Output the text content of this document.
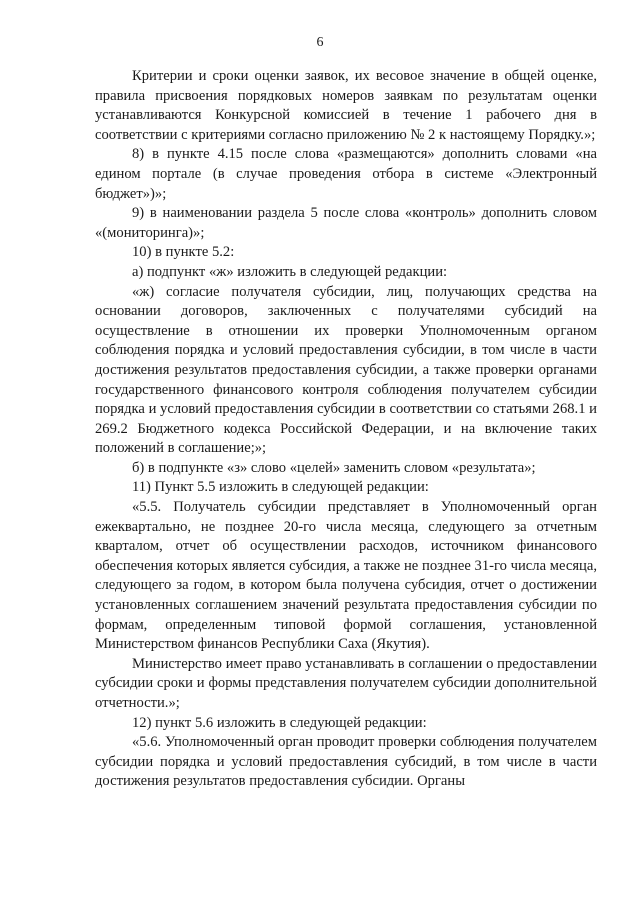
6

Критерии и сроки оценки заявок, их весовое значение в общей оценке, правила присвоения порядковых номеров заявкам по результатам оценки устанавливаются Конкурсной комиссией в течение 1 рабочего дня в соответствии с критериями согласно приложению № 2 к настоящему Порядку.»;

8) в пункте 4.15 после слова «размещаются» дополнить словами «на едином портале (в случае проведения отбора в системе «Электронный бюджет»)»;

9) в наименовании раздела 5 после слова «контроль» дополнить словом «(мониторинга)»;

10) в пункте 5.2:

а) подпункт «ж» изложить в следующей редакции:

«ж) согласие получателя субсидии, лиц, получающих средства на основании договоров, заключенных с получателями субсидий на осуществление в отношении их проверки Уполномоченным органом соблюдения порядка и условий предоставления субсидии, в том числе в части достижения результатов предоставления субсидии, а также проверки органами государственного финансового контроля соблюдения получателем субсидии порядка и условий предоставления субсидии в соответствии со статьями 268.1 и 269.2 Бюджетного кодекса Российской Федерации, и на включение таких положений в соглашение;»;

б) в подпункте «з» слово «целей» заменить словом «результата»;

11) Пункт 5.5 изложить в следующей редакции:

«5.5. Получатель субсидии представляет в Уполномоченный орган ежеквартально, не позднее 20-го числа месяца, следующего за отчетным кварталом, отчет об осуществлении расходов, источником финансового обеспечения которых является субсидия, а также не позднее 31-го числа месяца, следующего за годом, в котором была получена субсидия, отчет о достижении установленных соглашением значений результата предоставления субсидии по формам, определенным типовой формой соглашения, установленной Министерством финансов Республики Саха (Якутия).

Министерство имеет право устанавливать в соглашении о предоставлении субсидии сроки и формы представления получателем субсидии дополнительной отчетности.»;

12) пункт 5.6 изложить в следующей редакции:

«5.6. Уполномоченный орган проводит проверки соблюдения получателем субсидии порядка и условий предоставления субсидий, в том числе в части достижения результатов предоставления субсидии. Органы
